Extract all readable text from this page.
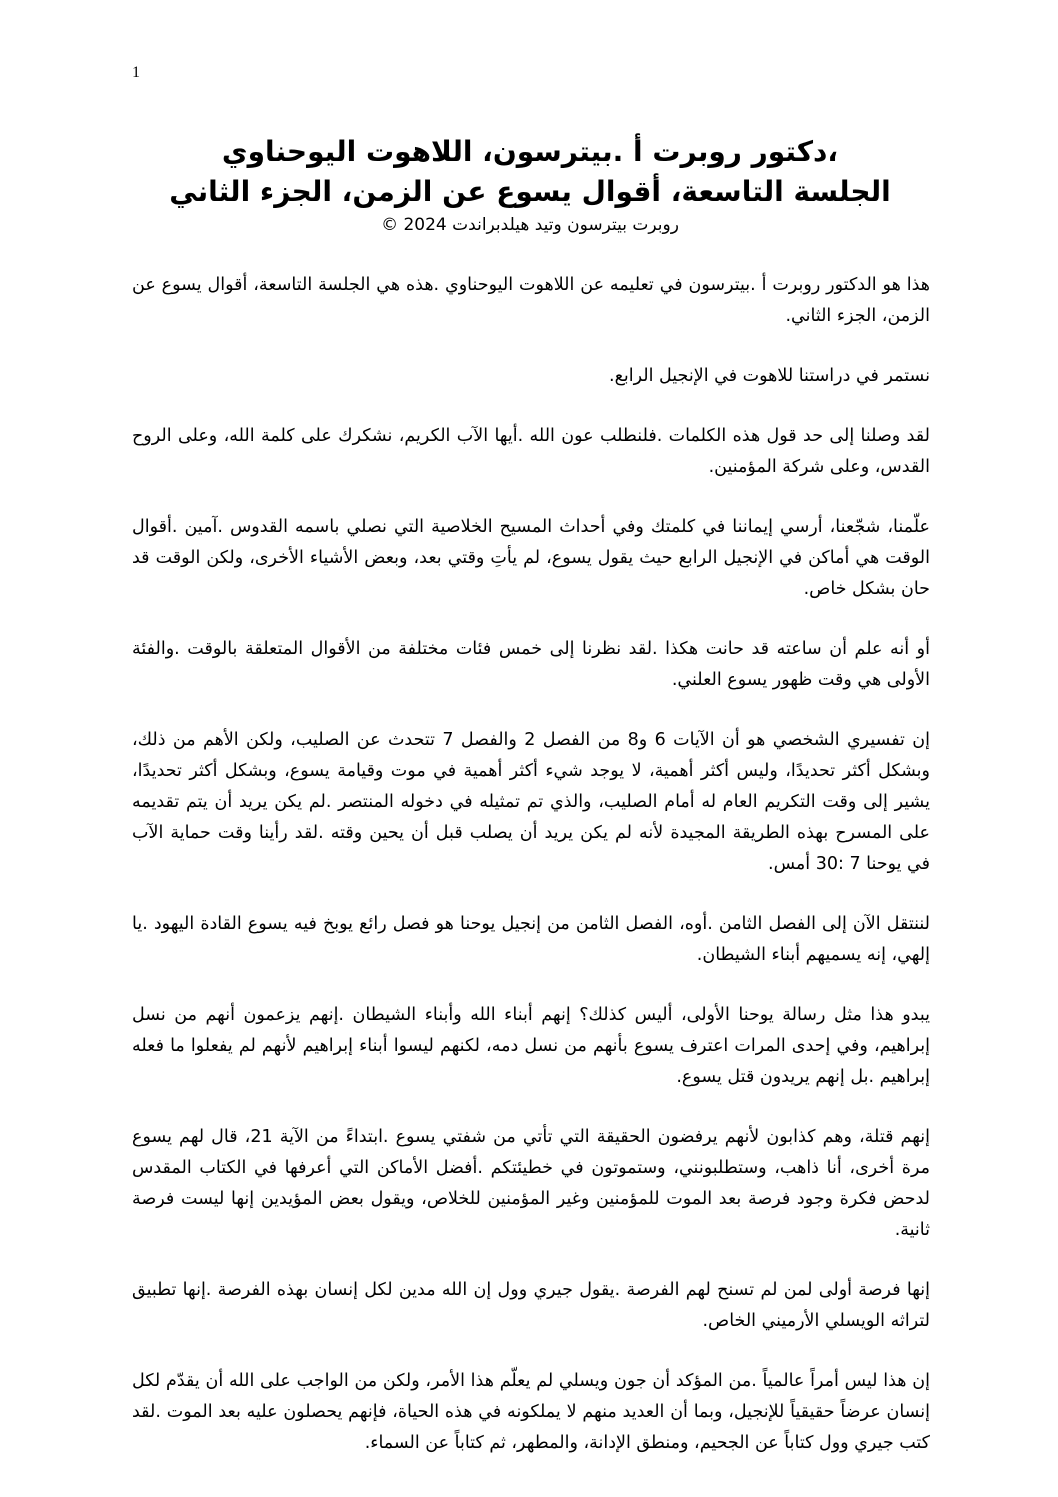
1

،دكتور روبرت أ .بيترسون، اللاهوت اليوحناوي

الجلسة التاسعة، أقوال يسوع عن الزمن، الجزء الثاني

روبرت بيترسون وتيد هيلدبراندت 2024 ©

هذا هو الدكتور روبرت أ .بيترسون في تعليمه عن اللاهوت اليوحناوي .هذه هي الجلسة التاسعة، أقوال يسوع عن الزمن، الجزء الثاني.

نستمر في دراستنا للاهوت في الإنجيل الرابع.

لقد وصلنا إلى حد قول هذه الكلمات .فلنطلب عون الله .أيها الآب الكريم، نشكرك على كلمة الله، وعلى الروح القدس، وعلى شركة المؤمنين.

علّمنا، شجّعنا، أرسي إيماننا في كلمتك وفي أحداث المسيح الخلاصية التي نصلي باسمه القدوس .آمين .أقوال الوقت هي أماكن في الإنجيل الرابع حيث يقول يسوع، لم يأتِ وقتي بعد، وبعض الأشياء الأخرى، ولكن الوقت قد حان بشكل خاص.

أو أنه علم أن ساعته قد حانت هكذا .لقد نظرنا إلى خمس فئات مختلفة من الأقوال المتعلقة بالوقت .والفئة الأولى هي وقت ظهور يسوع العلني.

إن تفسيري الشخصي هو أن الآيات 6 و8 من الفصل 2 والفصل 7 تتحدث عن الصليب، ولكن الأهم من ذلك، وبشكل أكثر تحديدًا، وليس أكثر أهمية، لا يوجد شيء أكثر أهمية في موت وقيامة يسوع، وبشكل أكثر تحديدًا، يشير إلى وقت التكريم العام له أمام الصليب، والذي تم تمثيله في دخوله المنتصر .لم يكن يريد أن يتم تقديمه على المسرح بهذه الطريقة المجيدة لأنه لم يكن يريد أن يصلب قبل أن يحين وقته .لقد رأينا وقت حماية الآب في يوحنا 7 :30 أمس.

لننتقل الآن إلى الفصل الثامن .أوه، الفصل الثامن من إنجيل يوحنا هو فصل رائع يوبخ فيه يسوع القادة اليهود .يا إلهي، إنه يسميهم أبناء الشيطان.

يبدو هذا مثل رسالة يوحنا الأولى، أليس كذلك؟ إنهم أبناء الله وأبناء الشيطان .إنهم يزعمون أنهم من نسل إبراهيم، وفي إحدى المرات اعترف يسوع بأنهم من نسل دمه، لكنهم ليسوا أبناء إبراهيم لأنهم لم يفعلوا ما فعله إبراهيم .بل إنهم يريدون قتل يسوع.

إنهم قتلة، وهم كذابون لأنهم يرفضون الحقيقة التي تأتي من شفتي يسوع .ابتداءً من الآية 21، قال لهم يسوع مرة أخرى، أنا ذاهب، وستطلبونني، وستموتون في خطيئتكم .أفضل الأماكن التي أعرفها في الكتاب المقدس لدحض فكرة وجود فرصة بعد الموت للمؤمنين وغير المؤمنين للخلاص، ويقول بعض المؤيدين إنها ليست فرصة ثانية.

إنها فرصة أولى لمن لم تسنح لهم الفرصة .يقول جيري وول إن الله مدين لكل إنسان بهذه الفرصة .إنها تطبيق لتراثه الويسلي الأرميني الخاص.

إن هذا ليس أمراً عالمياً .من المؤكد أن جون ويسلي لم يعلّم هذا الأمر، ولكن من الواجب على الله أن يقدّم لكل إنسان عرضاً حقيقياً للإنجيل، وبما أن العديد منهم لا يملكونه في هذه الحياة، فإنهم يحصلون عليه بعد الموت .لقد كتب جيري وول كتاباً عن الجحيم، ومنطق الإدانة، والمطهر، ثم كتاباً عن السماء.
